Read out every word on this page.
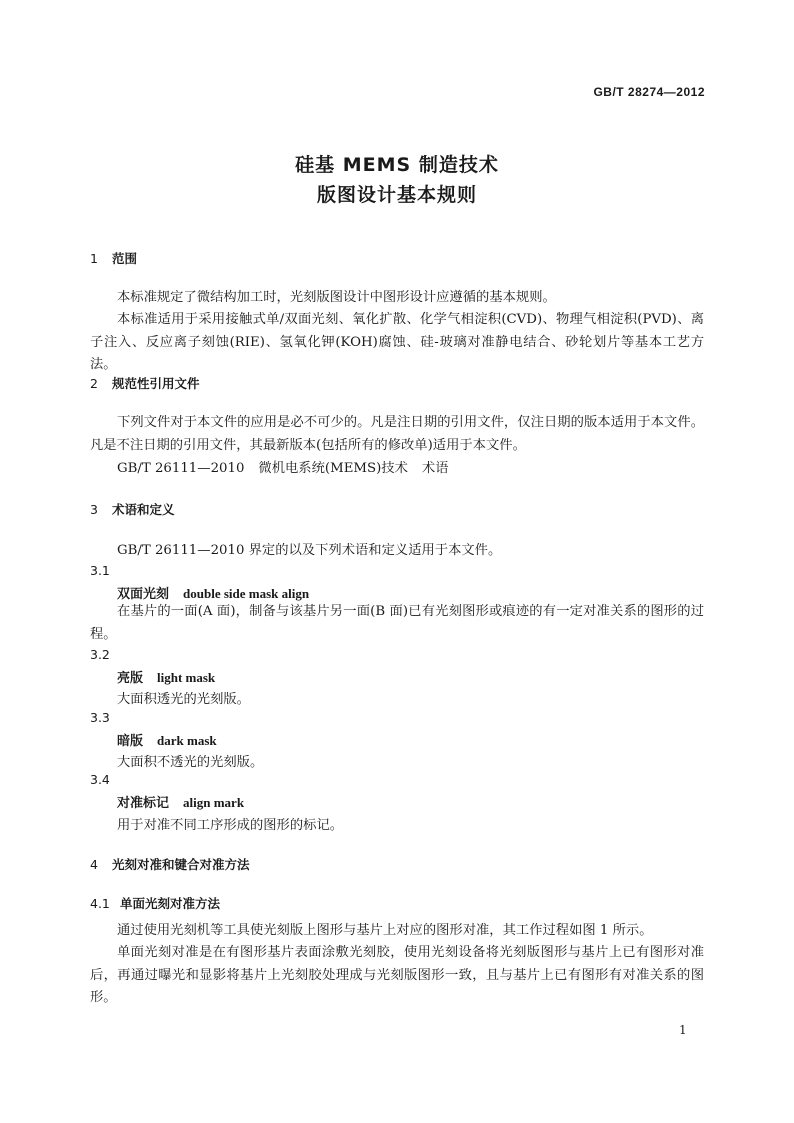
GB/T 28274—2012
硅基 MEMS 制造技术
版图设计基本规则
1 范围
本标准规定了微结构加工时，光刻版图设计中图形设计应遵循的基本规则。
本标准适用于采用接触式单/双面光刻、氧化扩散、化学气相淀积(CVD)、物理气相淀积(PVD)、离子注入、反应离子刻蚀(RIE)、氢氧化钾(KOH)腐蚀、硅-玻璃对准静电结合、砂轮划片等基本工艺方法。
2 规范性引用文件
下列文件对于本文件的应用是必不可少的。凡是注日期的引用文件，仅注日期的版本适用于本文件。凡是不注日期的引用文件，其最新版本(包括所有的修改单)适用于本文件。
GB/T 26111—2010 微机电系统(MEMS)技术 术语
3 术语和定义
GB/T 26111—2010 界定的以及下列术语和定义适用于本文件。
3.1
双面光刻 double side mask align
在基片的一面(A 面)，制备与该基片另一面(B 面)已有光刻图形或痕迹的有一定对准关系的图形的过程。
3.2
亮版 light mask
大面积透光的光刻版。
3.3
暗版 dark mask
大面积不透光的光刻版。
3.4
对准标记 align mark
用于对准不同工序形成的图形的标记。
4 光刻对准和键合对准方法
4.1 单面光刻对准方法
通过使用光刻机等工具使光刻版上图形与基片上对应的图形对准，其工作过程如图 1 所示。
单面光刻对准是在有图形基片表面涂敷光刻胶，使用光刻设备将光刻版图形与基片上已有图形对准后，再通过曝光和显影将基片上光刻胶处理成与光刻版图形一致，且与基片上已有图形有对准关系的图形。
1
